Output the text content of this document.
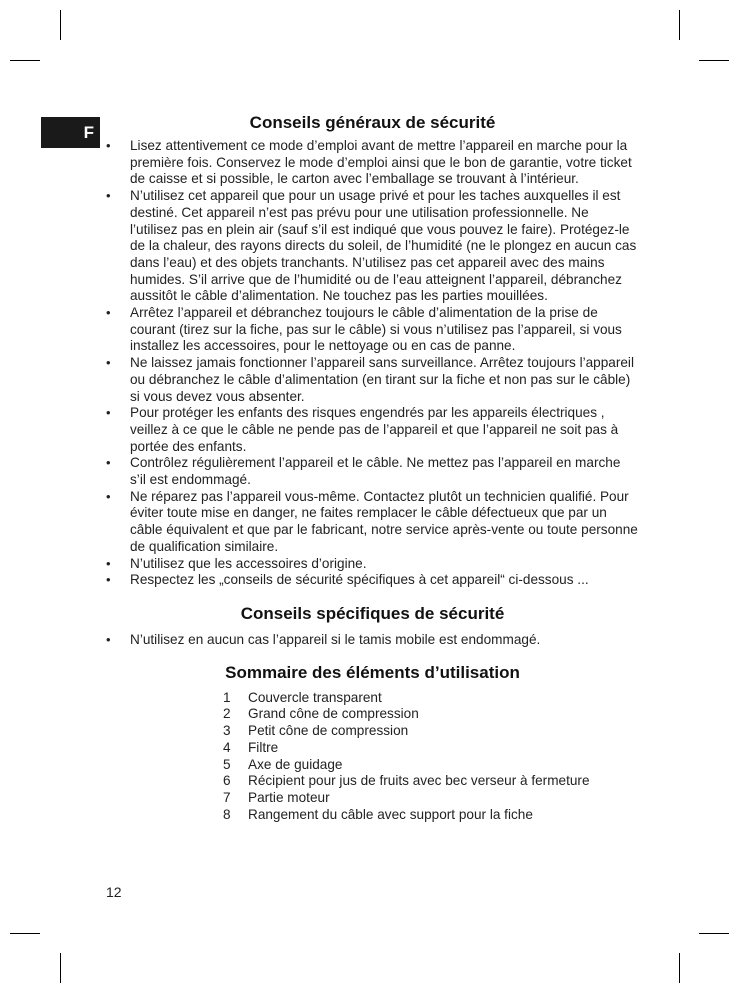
F	Conseils généraux de sécurité
• Lisez attentivement ce mode d’emploi avant de mettre l’appareil en marche pour la première fois. Conservez le mode d’emploi ainsi que le bon de garantie, votre ticket de caisse et si possible, le carton avec l’emballage se trouvant à l’intérieur.
• N’utilisez cet appareil que pour un usage privé et pour les taches auxquelles il est destiné. Cet appareil n’est pas prévu pour une utilisation professionnelle. Ne l’utilisez pas en plein air (sauf s’il est indiqué que vous pouvez le faire). Protégez-le de la chaleur, des rayons directs du soleil, de l’humidité (ne le plongez en aucun cas dans l’eau) et des objets tranchants. N’utilisez pas cet appareil avec des mains humides. S’il arrive que de l’humidité ou de l’eau atteignent l’appareil, débranchez aussitôt le câble d’alimentation. Ne touchez pas les parties mouillées.
• Arrêtez l’appareil et débranchez toujours le câble d’alimentation de la prise de courant (tirez sur la fiche, pas sur le câble) si vous n’utilisez pas l’appareil, si vous installez les accessoires, pour le nettoyage ou en cas de panne.
• Ne laissez jamais fonctionner l’appareil sans surveillance. Arrêtez toujours l’appareil ou débranchez le câble d’alimentation (en tirant sur la fiche et non pas sur le câble) si vous devez vous absenter.
• Pour protéger les enfants des risques engendrés par les appareils électriques , veillez à ce que le câble ne pende pas de l’appareil et que l’appareil ne soit pas à portée des enfants.
• Contrôlez régulièrement l’appareil et le câble. Ne mettez pas l’appareil en marche s’il est endommagé.
• Ne réparez pas l’appareil vous-même. Contactez plutôt un technicien qualifié. Pour éviter toute mise en danger, ne faites remplacer le câble défectueux que par un câble équivalent et que par le fabricant, notre service après-vente ou toute personne de qualification similaire.
• N’utilisez que les accessoires d’origine.
• Respectez les „conseils de sécurité spécifiques à cet appareil“ ci-dessous ...
Conseils spécifiques de sécurité
• N’utilisez en aucun cas l’appareil si le tamis mobile est endommagé.
Sommaire des éléments d’utilisation
1	Couvercle transparent
2	Grand cône de compression
3	Petit cône de compression
4	Filtre
5	Axe de guidage
6	Récipient pour jus de fruits avec bec verseur à fermeture
7	Partie moteur
8	Rangement du câble avec support pour la fiche
12
